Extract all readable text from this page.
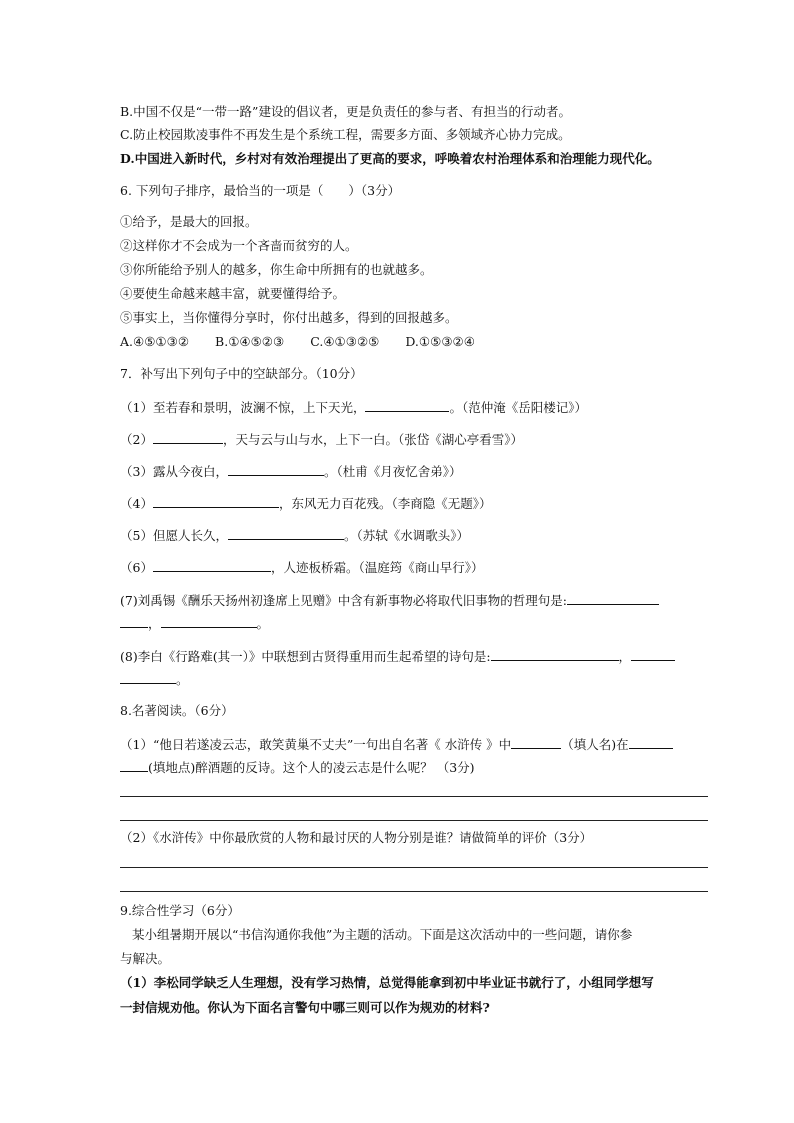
B.中国不仅是“一带一路”建设的倡议者，更是负责任的参与者、有担当的行动者。
C.防止校园欺凌事件不再发生是个系统工程，需要多方面、多领域齐心协力完成。
D.中国进入新时代，乡村对有效治理提出了更高的要求，呼唤着农村治理体系和治理能力现代化。
6. 下列句子排序，最恰当的一项是（　　）（3分）
①给予，是最大的回报。
②这样你才不会成为一个吝啬而贫穷的人。
③你所能给予别人的越多，你生命中所拥有的也就越多。
④要使生命越来越丰富，就要懂得给予。
⑤事实上，当你懂得分享时，你付出越多，得到的回报越多。
A.④⑤①③② B.①④⑤②③ C.④①③②⑤ D.①⑤③②④
7．补写出下列句子中的空缺部分。（10分）
（1）至若春和景明，波澜不惊，上下天光，	。（范仲淹《岳阳楼记》）
（2）	，天与云与山与水，上下一白。（张岱《湖心亭看雪》）
（3）露从今夜白，	。（杜甫《月夜忆舍弟》）
（4）	，东风无力百花残。（李商隐《无题》）
（5）但愿人长久，	。（苏轼《水调歌头》）
（6）	，人迹板桥霜。（温庭筠《商山早行》）
(7)刘禹锡《酬乐天扬州初逢席上见赠》中含有新事物必将取代旧事物的哲理句是:
，	。
(8)李白《行路难(其一）》中联想到古贤得重用而生起希望的诗句是:	，
。
8.名著阅读。（6分）
（1）“他日若遂凌云志，敢笑黄巢不丈夫”一句出自名著《 水浒传 》中	（填人名)在
(填地点)醉酒题的反诗。这个人的凌云志是什么呢？ （3分)
（2）《水浒传》中你最欣赏的人物和最讨厌的人物分别是谁？请做简单的评价（3分）
9.综合性学习（6分）
某小组暑期开展以“书信沟通你我他”为主题的活动。下面是这次活动中的一些问题，请你参
与解决。
（1）李松同学缺乏人生理想，没有学习热情，总觉得能拿到初中毕业证书就行了，小组同学想写
一封信规劝他。你认为下面名言警句中哪三则可以作为规劝的材料?
